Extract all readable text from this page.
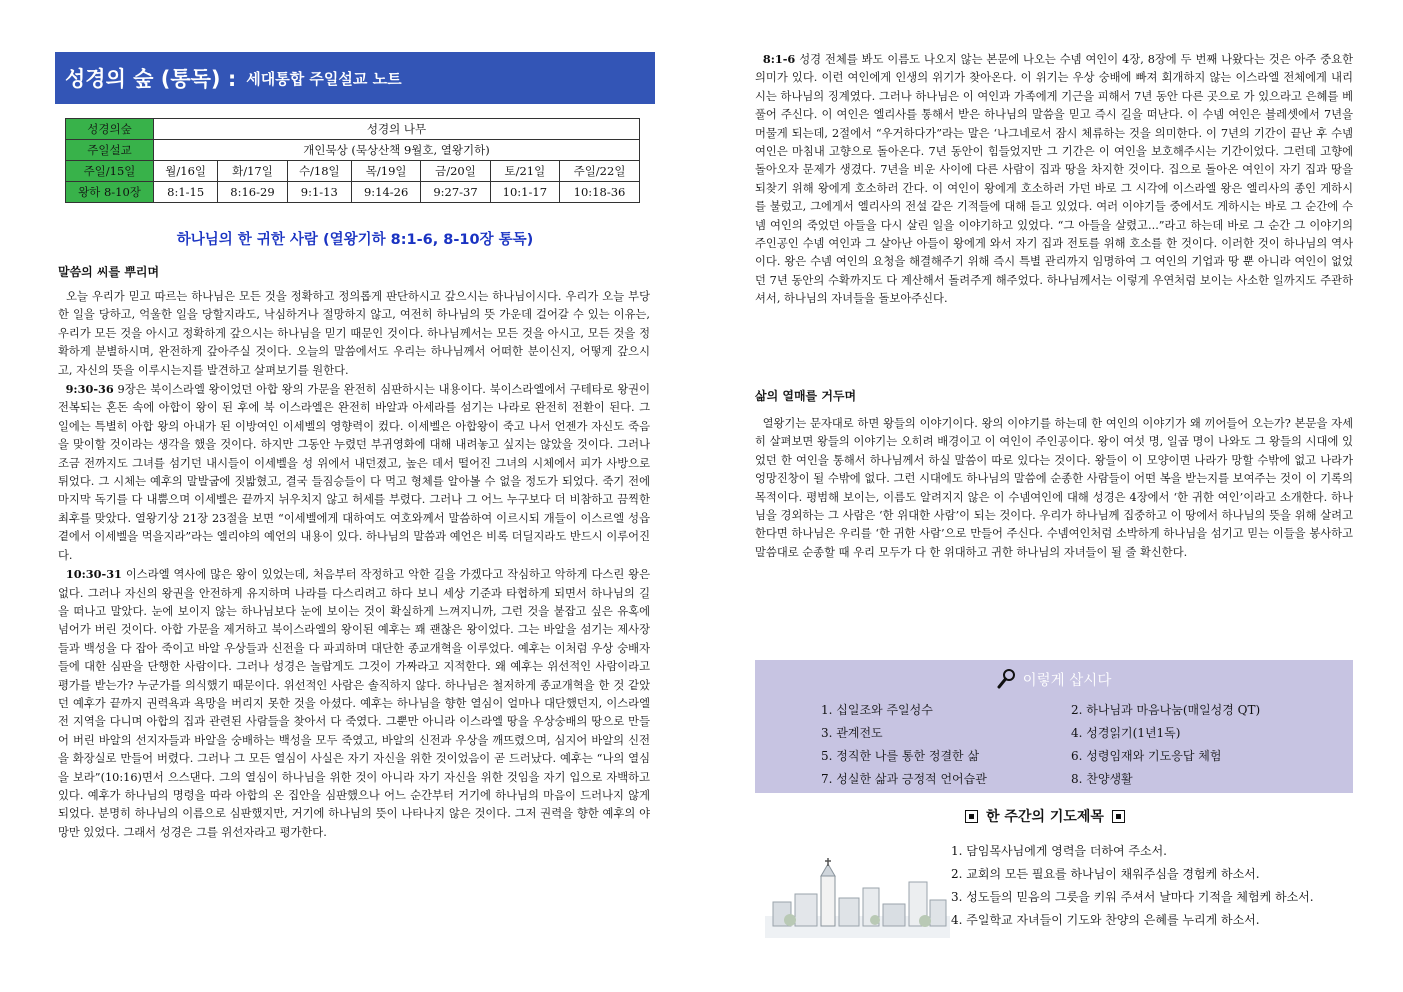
성경의 숲 (통독) : 세대통합 주일설교 노트
성경의숲	성경의 나무						
주일설교	개인묵상 (묵상산책 9월호, 열왕기하)						
주일/15일	월/16일	화/17일	수/18일	목/19일	금/20일	토/21일	주일/22일
왕하 8-10장	8:1-15	8:16-29	9:1-13	9:14-26	9:27-37	10:1-17	10:18-36
하나님의 한 귀한 사람 (열왕기하 8:1-6, 8-10장 통독)
말씀의 씨를 뿌리며

오늘 우리가 믿고 따르는 하나님은 모든 것을 정확하고 정의롭게 판단하시고 갚으시는 하나님이시다. 우리가 오늘 부당한 일을 당하고, 억울한 일을 당할지라도, 낙심하거나 절망하지 않고, 여전히 하나님의 뜻 가운데 걸어갈 수 있는 이유는, 우리가 모든 것을 아시고 정확하게 갚으시는 하나님을 믿기 때문인 것이다. 하나님께서는 모든 것을 아시고, 모든 것을 정확하게 분별하시며, 완전하게 갚아주실 것이다. 오늘의 말씀에서도 우리는 하나님께서 어떠한 분이신지, 어떻게 갚으시고, 자신의 뜻을 이루시는지를 발견하고 살펴보기를 원한다.

9:30-36 9장은 북이스라엘 왕이었던 아합 왕의 가문을 완전히 심판하시는 내용이다. 북이스라엘에서 구테타로 왕권이 전복되는 혼돈 속에 아합이 왕이 된 후에 북 이스라엘은 완전히 바알과 아세라를 섬기는 나라로 완전히 전환이 된다. 그 일에는 특별히 아합 왕의 아내가 된 이방여인 이세벨의 영향력이 컸다. 이세벨은 아합왕이 죽고 나서 언젠가 자신도 죽음을 맞이할 것이라는 생각을 했을 것이다. 하지만 그동안 누렸던 부귀영화에 대해 내려놓고 싶지는 않았을 것이다. 그러나 조금 전까지도 그녀를 섬기던 내시들이 이세벨을 성 위에서 내던졌고, 높은 데서 떨어진 그녀의 시체에서 피가 사방으로 튀었다. 그 시체는 예후의 말발굽에 짓밟혔고, 결국 들짐승들이 다 먹고 형체를 알아볼 수 없을 정도가 되었다. 죽기 전에 마지막 독기를 다 내뿜으며 이세벨은 끝까지 뉘우치지 않고 허세를 부렸다. 그러나 그 어느 누구보다 더 비참하고 끔찍한 최후를 맞았다. 열왕기상 21장 23절을 보면 “이세벨에게 대하여도 여호와께서 말씀하여 이르시되 개들이 이스르엘 성읍 곁에서 이세벨을 먹을지라”라는 엘리야의 예언의 내용이 있다. 하나님의 말씀과 예언은 비록 더딜지라도 반드시 이루어진다.

10:30-31 이스라엘 역사에 많은 왕이 있었는데, 처음부터 작정하고 악한 길을 가겠다고 작심하고 악하게 다스린 왕은 없다. 그러나 자신의 왕권을 안전하게 유지하며 나라를 다스리려고 하다 보니 세상 기준과 타협하게 되면서 하나님의 길을 떠나고 말았다. 눈에 보이지 않는 하나님보다 눈에 보이는 것이 확실하게 느껴지니까, 그런 것을 붙잡고 싶은 유혹에 넘어가 버린 것이다. 아합 가문을 제거하고 북이스라엘의 왕이된 예후는 꽤 괜찮은 왕이었다. 그는 바알을 섬기는 제사장들과 백성을 다 잡아 죽이고 바알 우상들과 신전을 다 파괴하며 대단한 종교개혁을 이루었다. 예후는 이처럼 우상 숭배자들에 대한 심판을 단행한 사람이다. 그러나 성경은 놀랍게도 그것이 가짜라고 지적한다. 왜 예후는 위선적인 사람이라고 평가를 받는가? 누군가를 의식했기 때문이다. 위선적인 사람은 솔직하지 않다. 하나님은 철저하게 종교개혁을 한 것 같았던 예후가 끝까지 권력욕과 욕망을 버리지 못한 것을 아셨다. 예후는 하나님을 향한 열심이 얼마나 대단했던지, 이스라엘 전 지역을 다니며 아합의 집과 관련된 사람들을 찾아서 다 죽였다. 그뿐만 아니라 이스라엘 땅을 우상숭배의 땅으로 만들어 버린 바알의 선지자들과 바알을 숭배하는 백성을 모두 죽였고, 바알의 신전과 우상을 깨뜨렸으며, 심지어 바알의 신전을 화장실로 만들어 버렸다. 그러나 그 모든 열심이 사실은 자기 자신을 위한 것이었음이 곧 드러났다. 예후는 “나의 열심을 보라”(10:16)면서 으스댄다. 그의 열심이 하나님을 위한 것이 아니라 자기 자신을 위한 것임을 자기 입으로 자백하고 있다. 예후가 하나님의 명령을 따라 아합의 온 집안을 심판했으나 어느 순간부터 거기에 하나님의 마음이 드러나지 않게 되었다. 분명히 하나님의 이름으로 심판했지만, 거기에 하나님의 뜻이 나타나지 않은 것이다. 그저 권력을 향한 예후의 야망만 있었다. 그래서 성경은 그를 위선자라고 평가한다.

8:1-6 성경 전체를 봐도 이름도 나오지 않는 본문에 나오는 수넴 여인이 4장, 8장에 두 번째 나왔다는 것은 아주 중요한 의미가 있다. 이런 여인에게 인생의 위기가 찾아온다. 이 위기는 우상 숭배에 빠져 회개하지 않는 이스라엘 전체에게 내리시는 하나님의 징계였다. 그러나 하나님은 이 여인과 가족에게 기근을 피해서 7년 동안 다른 곳으로 가 있으라고 은혜를 베풀어 주신다. 이 여인은 엘리사를 통해서 받은 하나님의 말씀을 믿고 즉시 길을 떠난다. 이 수넴 여인은 블레셋에서 7년을 머물게 되는데, 2절에서 “우거하다가”라는 말은 ‘나그네로서 잠시 체류하는 것을 의미한다. 이 7년의 기간이 끝난 후 수넴 여인은 마침내 고향으로 돌아온다. 7년 동안이 힘들었지만 그 기간은 이 여인을 보호해주시는 기간이었다. 그런데 고향에 돌아오자 문제가 생겼다. 7년을 비운 사이에 다른 사람이 집과 땅을 차지한 것이다. 집으로 돌아온 여인이 자기 집과 땅을 되찾기 위해 왕에게 호소하러 간다. 이 여인이 왕에게 호소하러 가던 바로 그 시각에 이스라엘 왕은 엘리사의 종인 게하시를 불렀고, 그에게서 엘리사의 전설 같은 기적들에 대해 듣고 있었다. 여러 이야기들 중에서도 게하시는 바로 그 순간에 수넴 여인의 죽었던 아들을 다시 살린 일을 이야기하고 있었다. “그 아들을 살렸고...”라고 하는데 바로 그 순간 그 이야기의 주인공인 수넴 여인과 그 살아난 아들이 왕에게 와서 자기 집과 전토를 위해 호소를 한 것이다. 이러한 것이 하나님의 역사이다. 왕은 수넴 여인의 요청을 해결해주기 위해 즉시 특별 관리까지 임명하여 그 여인의 기업과 땅 뿐 아니라 여인이 없었던 7년 동안의 수확까지도 다 계산해서 돌려주게 해주었다. 하나님께서는 이렇게 우연처럼 보이는 사소한 일까지도 주관하셔서, 하나님의 자녀들을 돌보아주신다.

삶의 열매를 거두며

열왕기는 문자대로 하면 왕들의 이야기이다. 왕의 이야기를 하는데 한 여인의 이야기가 왜 끼어들어 오는가? 본문을 자세히 살펴보면 왕들의 이야기는 오히려 배경이고 이 여인이 주인공이다. 왕이 여섯 명, 일곱 명이 나와도 그 왕들의 시대에 있었던 한 여인을 통해서 하나님께서 하실 말씀이 따로 있다는 것이다. 왕들이 이 모양이면 나라가 망할 수밖에 없고 나라가 엉망진창이 될 수밖에 없다. 그런 시대에도 하나님의 말씀에 순종한 사람들이 어떤 복을 받는지를 보여주는 것이 이 기록의 목적이다. 평범해 보이는, 이름도 알려지지 않은 이 수넴여인에 대해 성경은 4장에서 ‘한 귀한 여인’이라고 소개한다. 하나님을 경외하는 그 사람은 ‘한 위대한 사람’이 되는 것이다. 우리가 하나님께 집중하고 이 땅에서 하나님의 뜻을 위해 살려고 한다면 하나님은 우리를 ‘한 귀한 사람’으로 만들어 주신다. 수넴여인처럼 소박하게 하나님을 섬기고 믿는 이들을 봉사하고 말씀대로 순종할 때 우리 모두가 다 한 위대하고 귀한 하나님의 자녀들이 될 줄 확신한다.

이렇게 삽시다
1. 십일조와 주일성수	2. 하나님과 마음나눔(매일성경 QT)
3. 관계전도	4. 성경읽기(1년1독)
5. 정직한 나를 통한 정결한 삶	6. 성령임재와 기도응답 체험
7. 성실한 삶과 긍정적 언어습관	8. 찬양생활
한 주간의 기도제목
1. 담임목사님에게 영력을 더하여 주소서.
2. 교회의 모든 필요를 하나님이 채워주심을 경험케 하소서.
3. 성도들의 믿음의 그릇을 키워 주셔서 날마다 기적을 체험케 하소서.
4. 주일학교 자녀들이 기도와 찬양의 은혜를 누리게 하소서.
